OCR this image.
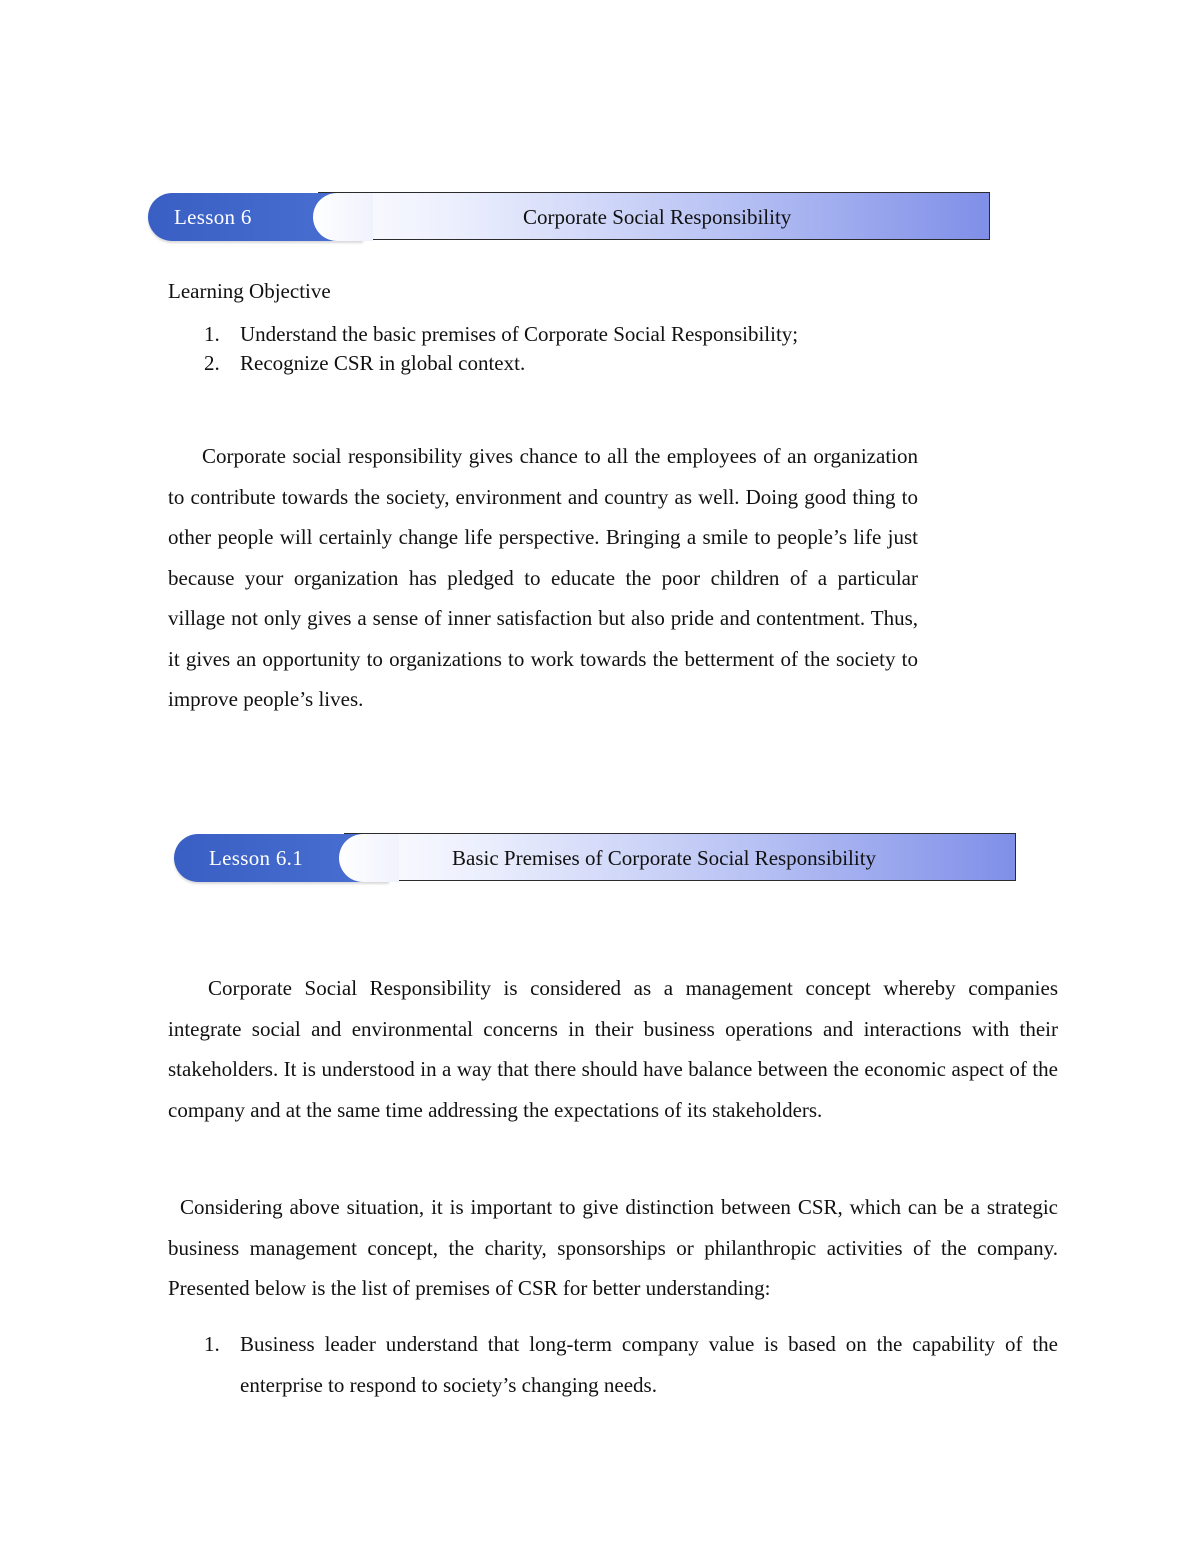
Lesson 6	Corporate Social Responsibility
Learning Objective
1. Understand the basic premises of Corporate Social Responsibility;
2. Recognize CSR in global context.

Corporate social responsibility gives chance to all the employees of an organization to contribute towards the society, environment and country as well. Doing good thing to other people will certainly change life perspective. Bringing a smile to people’s life just because your organization has pledged to educate the poor children of a particular village not only gives a sense of inner satisfaction but also pride and contentment. Thus, it gives an opportunity to organizations to work towards the betterment of the society to improve people’s lives.

Lesson 6.1	Basic Premises of Corporate Social Responsibility

Corporate Social Responsibility is considered as a management concept whereby companies integrate social and environmental concerns in their business operations and interactions with their stakeholders. It is understood in a way that there should have balance between the economic aspect of the company and at the same time addressing the expectations of its stakeholders.

Considering above situation, it is important to give distinction between CSR, which can be a strategic business management concept, the charity, sponsorships or philanthropic activities of the company. Presented below is the list of premises of CSR for better understanding:

1. Business leader understand that long-term company value is based on the capability of the enterprise to respond to society’s changing needs.
